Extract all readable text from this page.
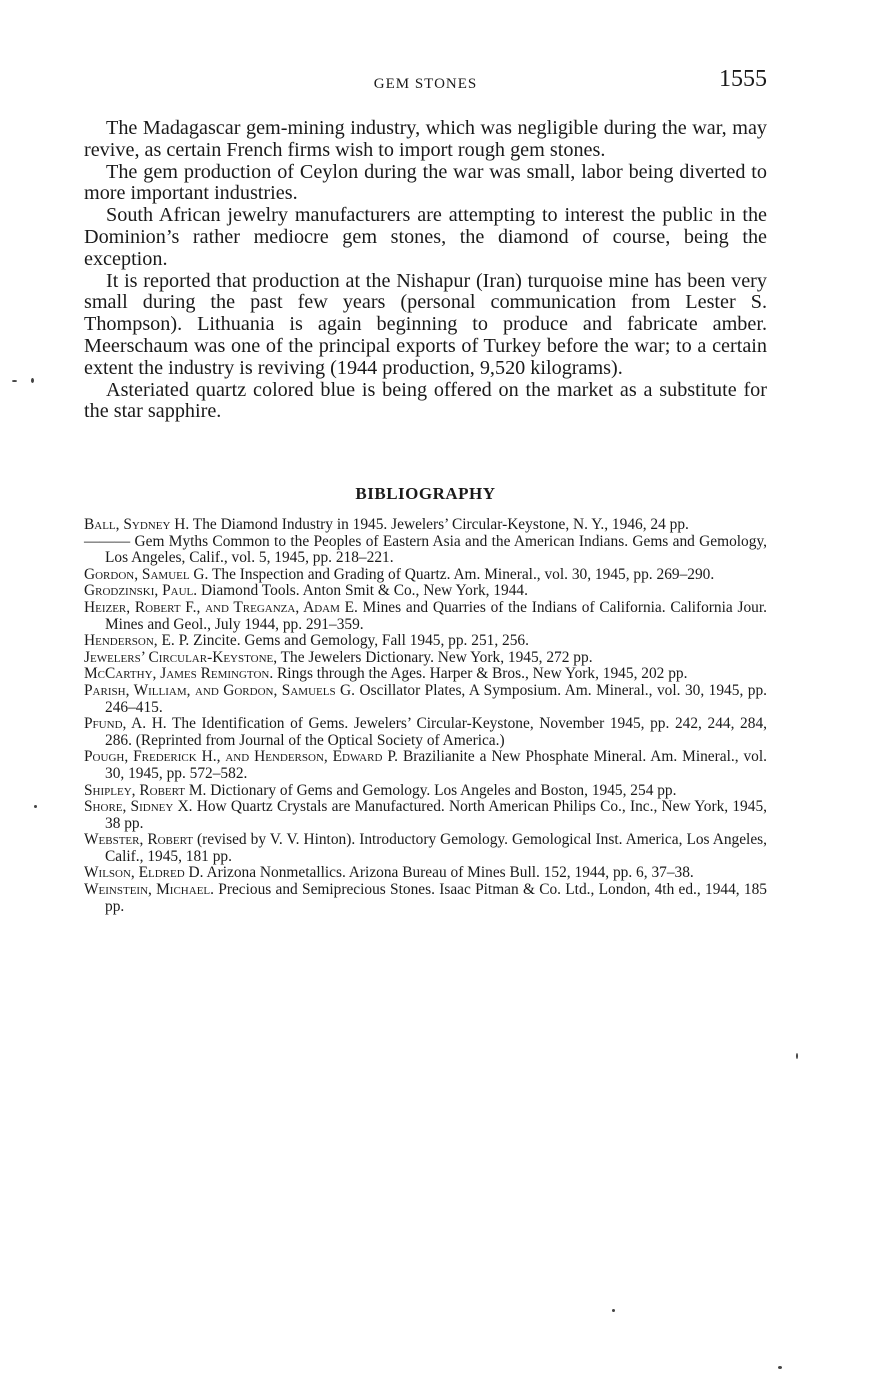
GEM STONES	1555

The Madagascar gem-mining industry, which was negligible during the war, may revive, as certain French firms wish to import rough gem stones.

The gem production of Ceylon during the war was small, labor being diverted to more important industries.

South African jewelry manufacturers are attempting to interest the public in the Dominion’s rather mediocre gem stones, the diamond of course, being the exception.

It is reported that production at the Nishapur (Iran) turquoise mine has been very small during the past few years (personal communication from Lester S. Thompson). Lithuania is again beginning to produce and fabricate amber. Meerschaum was one of the principal exports of Turkey before the war; to a certain extent the industry is reviving (1944 production, 9,520 kilograms).

Asteriated quartz colored blue is being offered on the market as a substitute for the star sapphire.

BIBLIOGRAPHY

Ball, Sydney H. The Diamond Industry in 1945. Jewelers’ Circular-Keystone, N. Y., 1946, 24 pp.

——— Gem Myths Common to the Peoples of Eastern Asia and the American Indians. Gems and Gemology, Los Angeles, Calif., vol. 5, 1945, pp. 218–221.

Gordon, Samuel G. The Inspection and Grading of Quartz. Am. Mineral., vol. 30, 1945, pp. 269–290.

Grodzinski, Paul. Diamond Tools. Anton Smit & Co., New York, 1944.

Heizer, Robert F., and Treganza, Adam E. Mines and Quarries of the Indians of California. California Jour. Mines and Geol., July 1944, pp. 291–359.

Henderson, E. P. Zincite. Gems and Gemology, Fall 1945, pp. 251, 256.

Jewelers’ Circular-Keystone, The Jewelers Dictionary. New York, 1945, 272 pp.

McCarthy, James Remington. Rings through the Ages. Harper & Bros., New York, 1945, 202 pp.

Parish, William, and Gordon, Samuels G. Oscillator Plates, A Symposium. Am. Mineral., vol. 30, 1945, pp. 246–415.

Pfund, A. H. The Identification of Gems. Jewelers’ Circular-Keystone, November 1945, pp. 242, 244, 284, 286. (Reprinted from Journal of the Optical Society of America.)

Pough, Frederick H., and Henderson, Edward P. Brazilianite a New Phosphate Mineral. Am. Mineral., vol. 30, 1945, pp. 572–582.

Shipley, Robert M. Dictionary of Gems and Gemology. Los Angeles and Boston, 1945, 254 pp.

Shore, Sidney X. How Quartz Crystals are Manufactured. North American Philips Co., Inc., New York, 1945, 38 pp.

Webster, Robert (revised by V. V. Hinton). Introductory Gemology. Gemological Inst. America, Los Angeles, Calif., 1945, 181 pp.

Wilson, Eldred D. Arizona Nonmetallics. Arizona Bureau of Mines Bull. 152, 1944, pp. 6, 37–38.

Weinstein, Michael. Precious and Semiprecious Stones. Isaac Pitman & Co. Ltd., London, 4th ed., 1944, 185 pp.
